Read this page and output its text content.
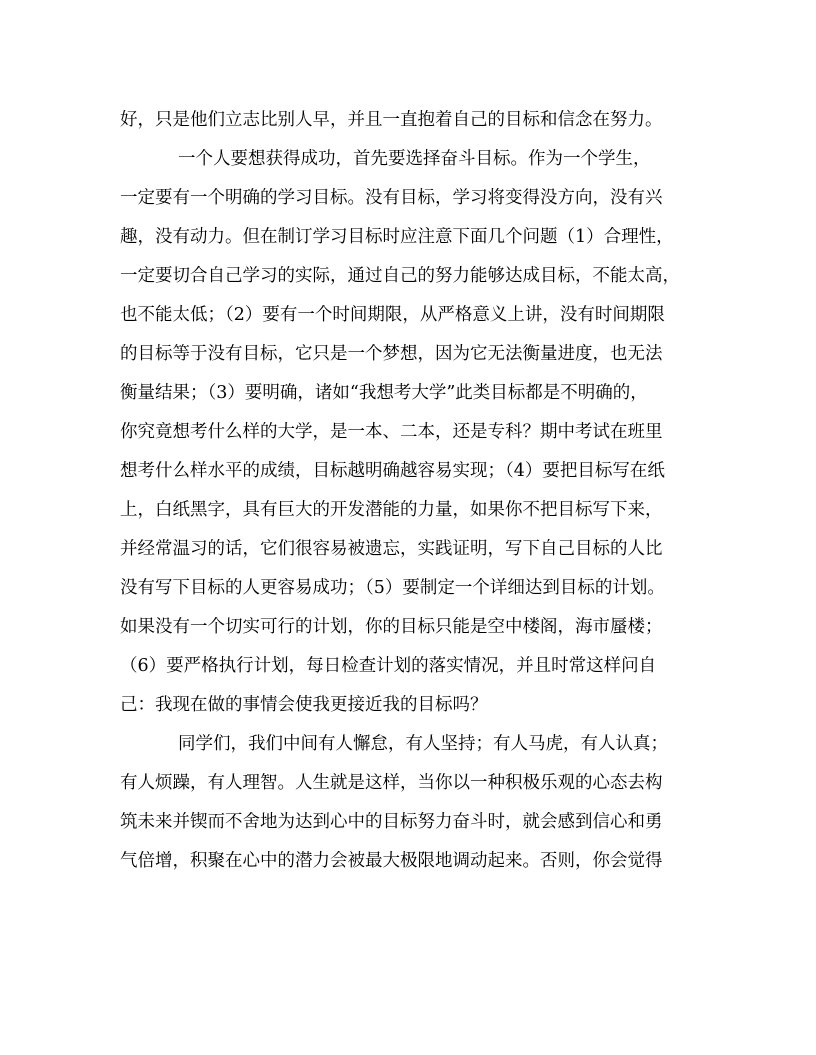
好，只是他们立志比别人早，并且一直抱着自己的目标和信念在努力。
一个人要想获得成功，首先要选择奋斗目标。作为一个学生，
一定要有一个明确的学习目标。没有目标，学习将变得没方向，没有兴
趣，没有动力。但在制订学习目标时应注意下面几个问题（1）合理性，
一定要切合自己学习的实际，通过自己的努力能够达成目标，不能太高，
也不能太低；（2）要有一个时间期限，从严格意义上讲，没有时间期限
的目标等于没有目标，它只是一个梦想，因为它无法衡量进度，也无法
衡量结果；（3）要明确，诸如“我想考大学”此类目标都是不明确的，
你究竟想考什么样的大学，是一本、二本，还是专科？期中考试在班里
想考什么样水平的成绩，目标越明确越容易实现；（4）要把目标写在纸
上，白纸黑字，具有巨大的开发潜能的力量，如果你不把目标写下来，
并经常温习的话，它们很容易被遗忘，实践证明，写下自己目标的人比
没有写下目标的人更容易成功；（5）要制定一个详细达到目标的计划。
如果没有一个切实可行的计划，你的目标只能是空中楼阁，海市蜃楼；
（6）要严格执行计划，每日检查计划的落实情况，并且时常这样问自
己：我现在做的事情会使我更接近我的目标吗？
同学们，我们中间有人懈怠，有人坚持；有人马虎，有人认真；
有人烦躁，有人理智。人生就是这样，当你以一种积极乐观的心态去构
筑未来并锲而不舍地为达到心中的目标努力奋斗时，就会感到信心和勇
气倍增，积聚在心中的潜力会被最大极限地调动起来。否则，你会觉得
